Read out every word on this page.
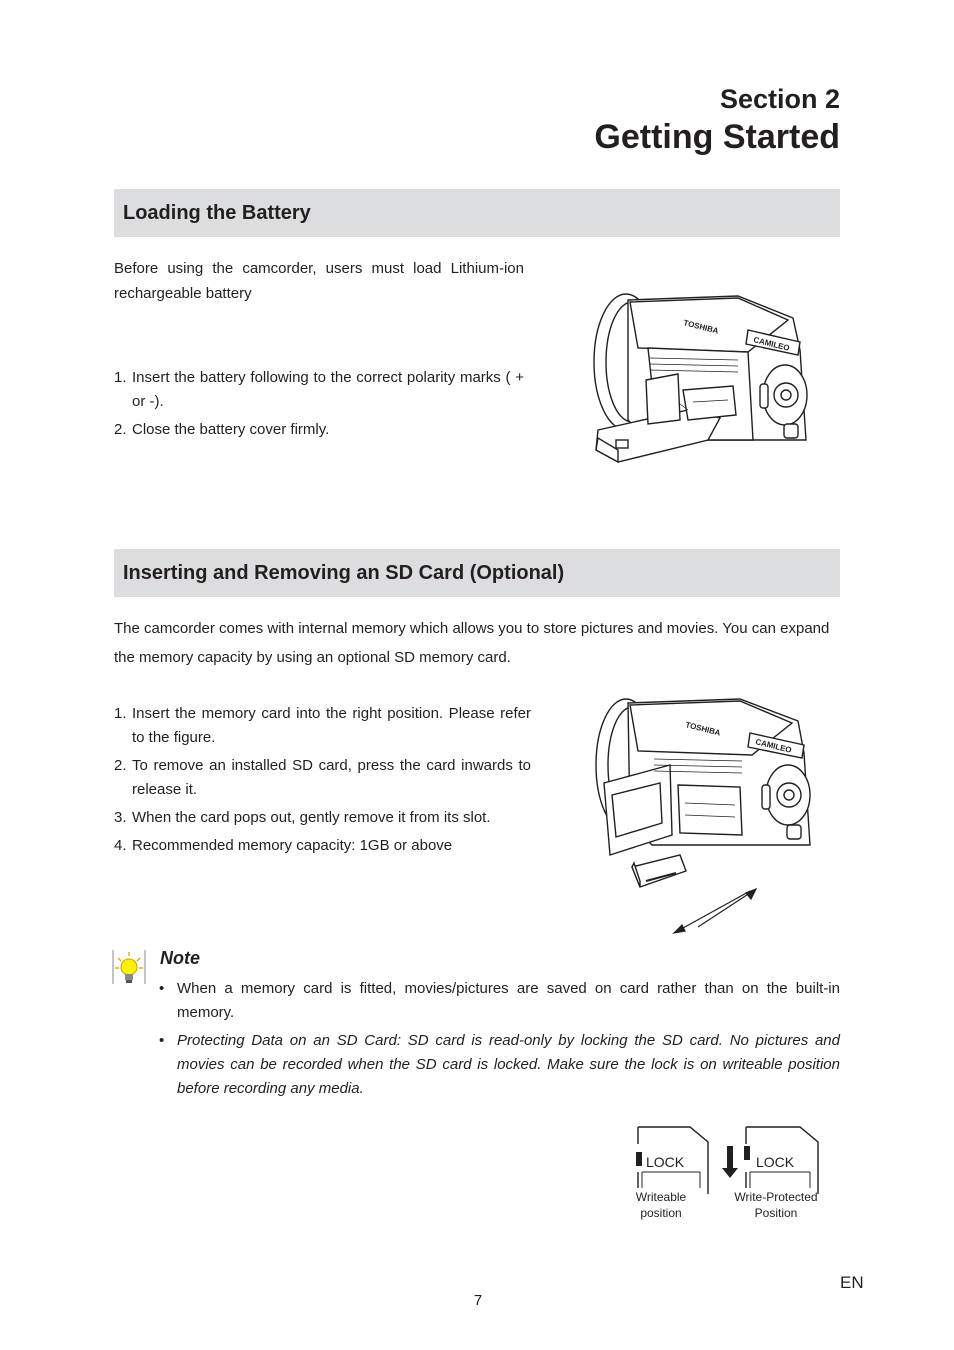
Section 2
Getting Started
Loading the Battery
Before using the camcorder, users must load Lithium-ion rechargeable battery
1. Insert the battery following to the correct polarity marks ( + or -).
2. Close the battery cover firmly.
TOSHIBA
CAMILEO
Inserting and Removing an SD Card (Optional)
The camcorder comes with internal memory which allows you to store pictures and movies. You can expand the memory capacity by using an optional SD memory card.
1. Insert the memory card into the right position. Please refer to the figure.
2. To remove an installed SD card, press the card inwards to release it.
3. When the card pops out, gently remove it from its slot.
4. Recommended memory capacity: 1GB or above
TOSHIBA
CAMILEO
Note
• When a memory card is fitted, movies/pictures are saved on card rather than on the built-in memory.
• Protecting Data on an SD Card: SD card is read-only by locking the SD card. No pictures and movies can be recorded when the SD card is locked. Make sure the lock is on writeable position before recording any media.
LOCK	LOCK
Writeable
position
Write-Protected
Position
7
EN
